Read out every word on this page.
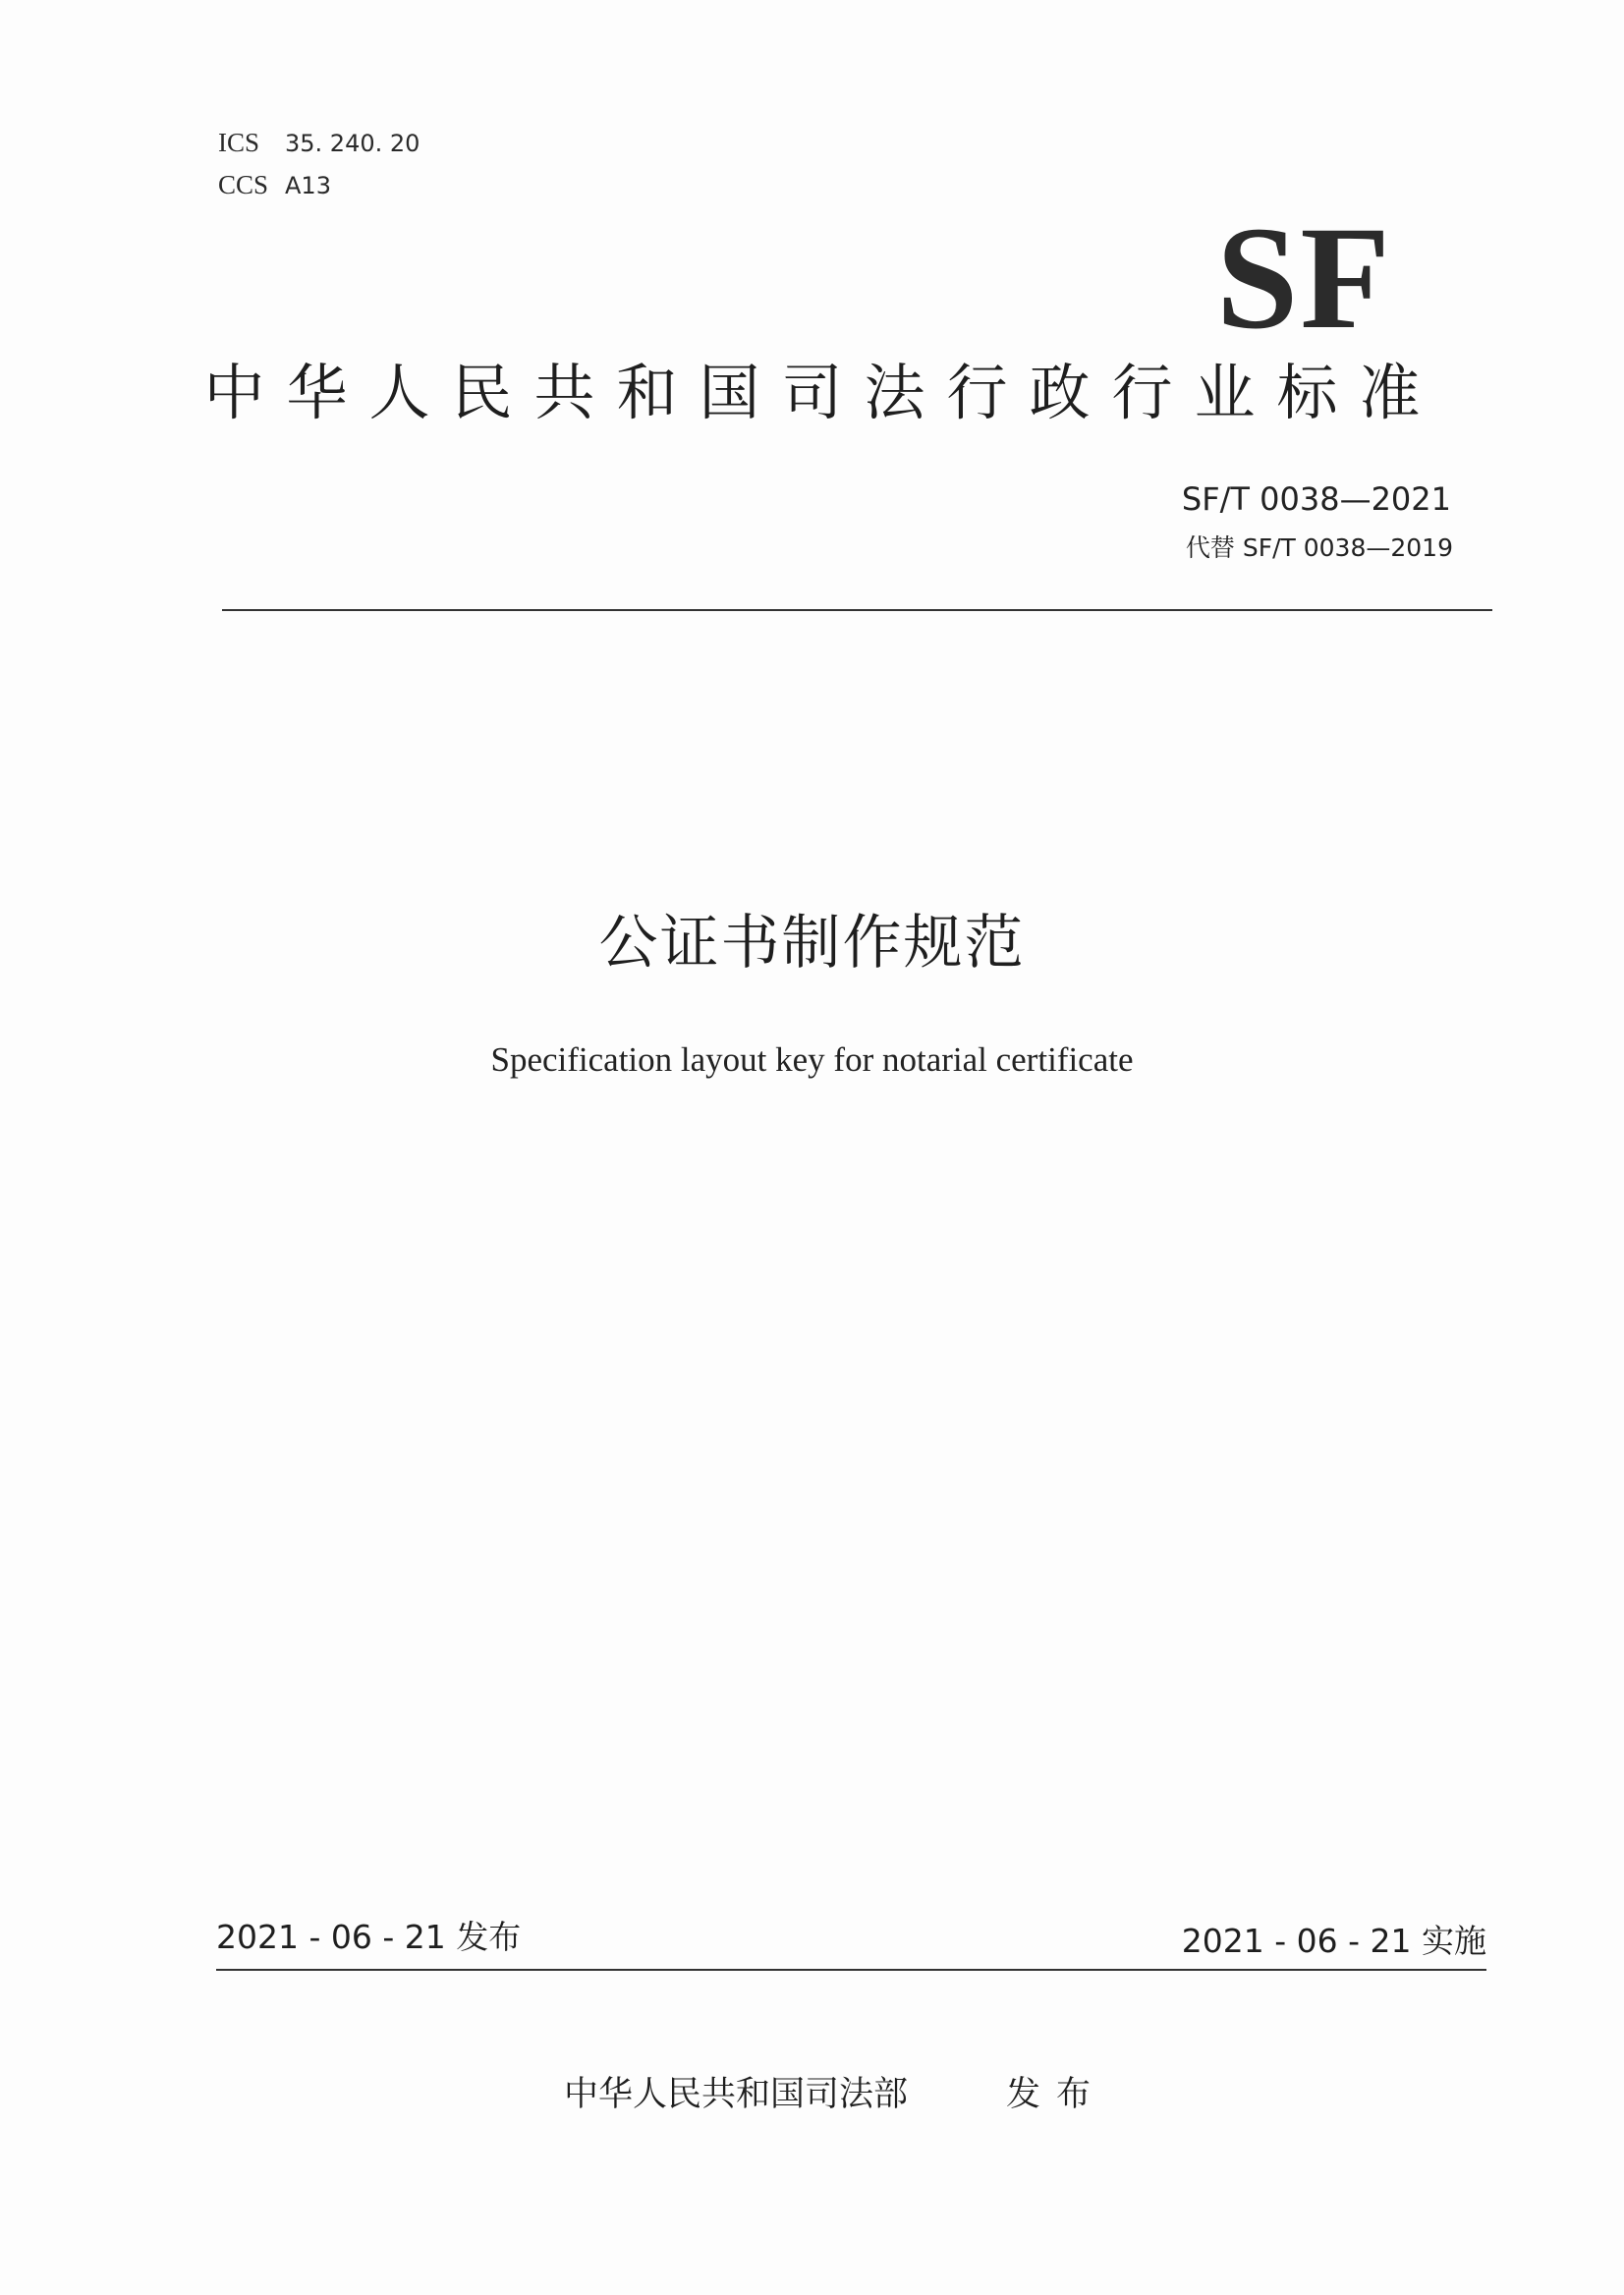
ICS 35. 240. 20
CCS A13
SF
中华人民共和国司法行政行业标准
SF/T 0038—2021
代替 SF/T 0038—2019
公证书制作规范
Specification layout key for notarial certificate
2021 - 06 - 21 发布	2021 - 06 - 21 实施
中华人民共和国司法部	发布
